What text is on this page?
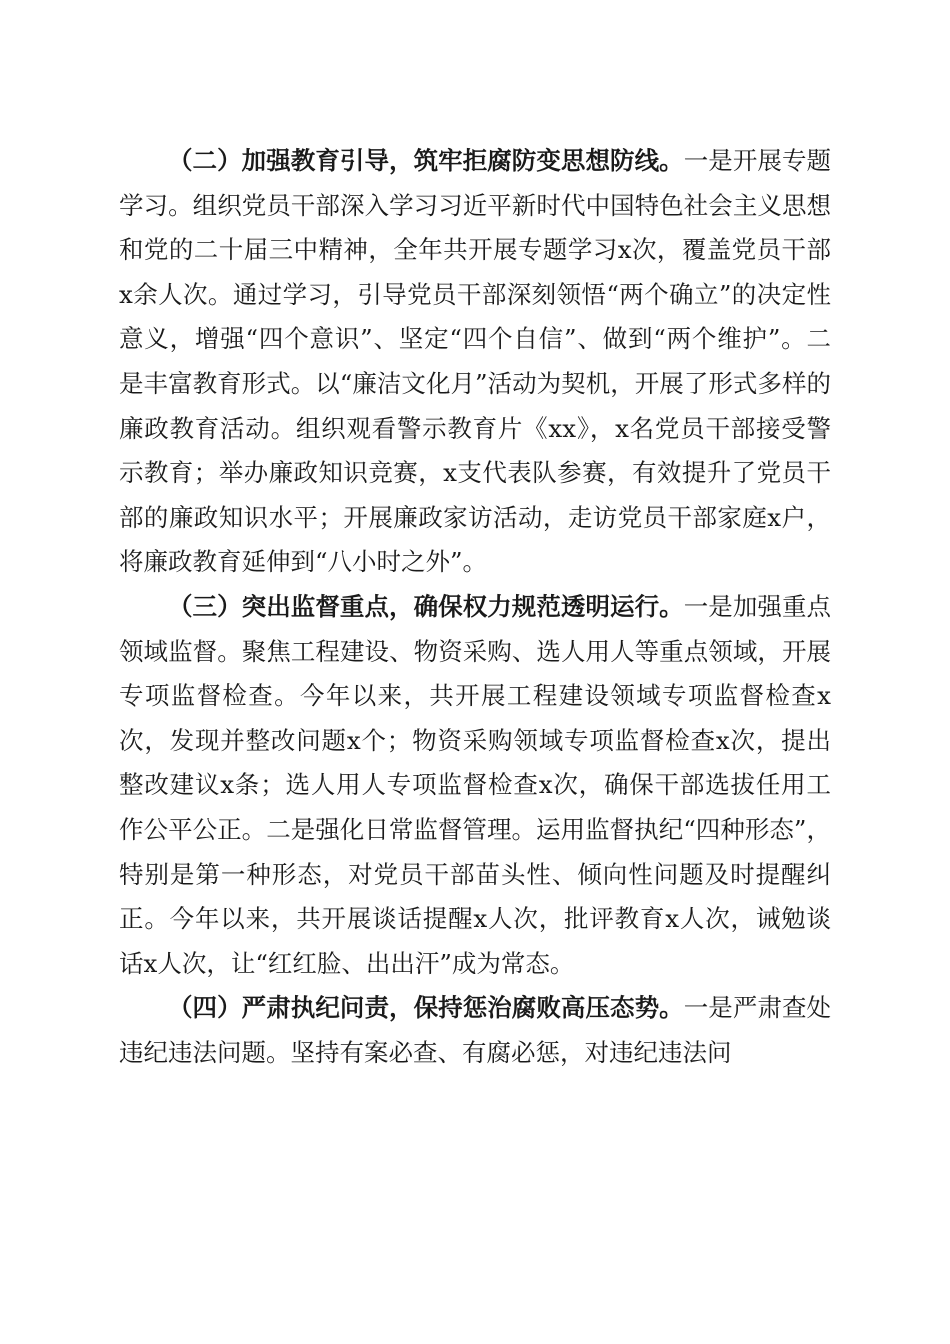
（二）加强教育引导，筑牢拒腐防变思想防线。一是开展专题学习。组织党员干部深入学习习近平新时代中国特色社会主义思想和党的二十届三中精神，全年共开展专题学习x次，覆盖党员干部x余人次。通过学习，引导党员干部深刻领悟“两个确立”的决定性意义，增强“四个意识”、坚定“四个自信”、做到“两个维护”。二是丰富教育形式。以“廉洁文化月”活动为契机，开展了形式多样的廉政教育活动。组织观看警示教育片《xx》，x名党员干部接受警示教育；举办廉政知识竞赛，x支代表队参赛，有效提升了党员干部的廉政知识水平；开展廉政家访活动，走访党员干部家庭x户，将廉政教育延伸到“八小时之外”。

（三）突出监督重点，确保权力规范透明运行。一是加强重点领域监督。聚焦工程建设、物资采购、选人用人等重点领域，开展专项监督检查。今年以来，共开展工程建设领域专项监督检查x次，发现并整改问题x个；物资采购领域专项监督检查x次，提出整改建议x条；选人用人专项监督检查x次，确保干部选拔任用工作公平公正。二是强化日常监督管理。运用监督执纪“四种形态”，特别是第一种形态，对党员干部苗头性、倾向性问题及时提醒纠正。今年以来，共开展谈话提醒x人次，批评教育x人次，诫勉谈话x人次，让“红红脸、出出汗”成为常态。

（四）严肃执纪问责，保持惩治腐败高压态势。一是严肃查处违纪违法问题。坚持有案必查、有腐必惩，对违纪违法问
